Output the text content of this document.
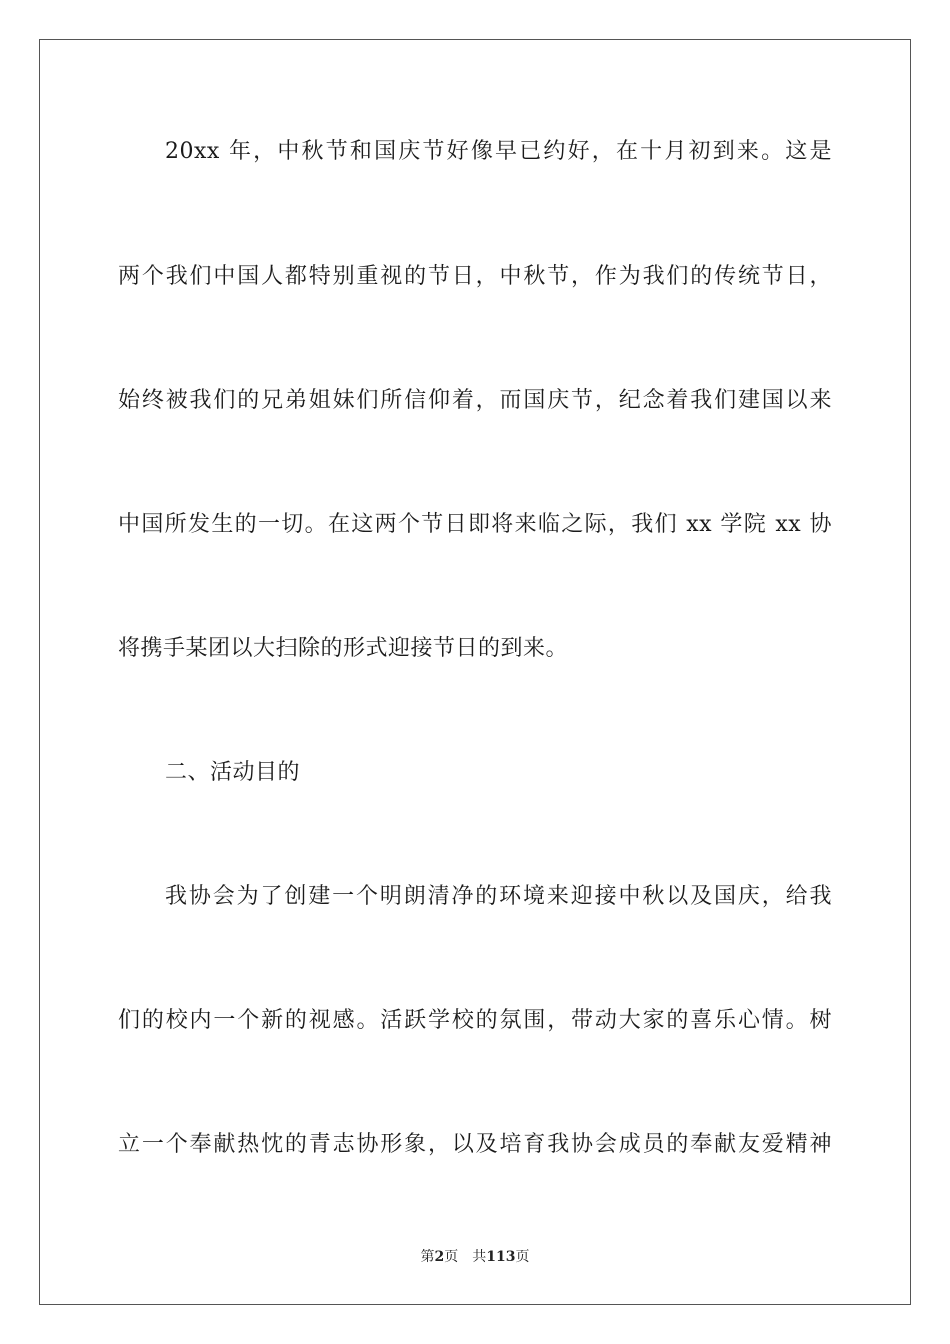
20xx 年，中秋节和国庆节好像早已约好，在十月初到来。这是
两个我们中国人都特别重视的节日，中秋节，作为我们的传统节日，
始终被我们的兄弟姐妹们所信仰着，而国庆节，纪念着我们建国以来
中国所发生的一切。在这两个节日即将来临之际，我们 xx 学院 xx 协
将携手某团以大扫除的形式迎接节日的到来。
二、活动目的
我协会为了创建一个明朗清净的环境来迎接中秋以及国庆，给我
们的校内一个新的视感。活跃学校的氛围，带动大家的喜乐心情。树
立一个奉献热忱的青志协形象，以及培育我协会成员的奉献友爱精神
第2页 共113页
